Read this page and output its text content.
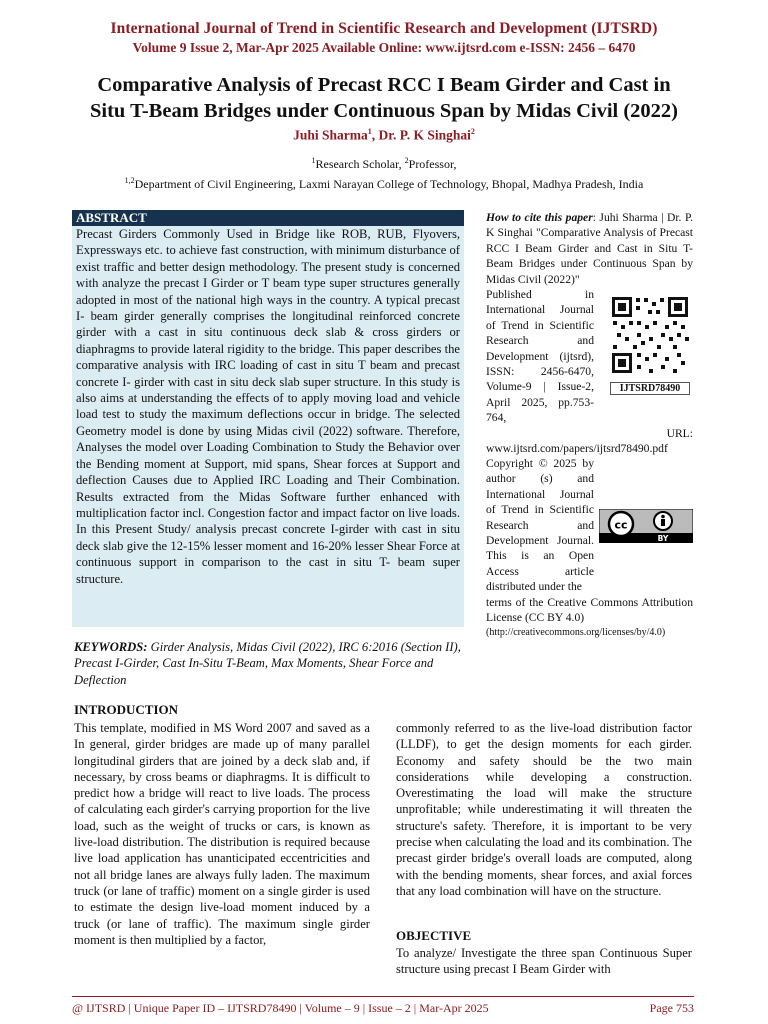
International Journal of Trend in Scientific Research and Development (IJTSRD)
Volume 9 Issue 2, Mar-Apr 2025 Available Online: www.ijtsrd.com e-ISSN: 2456 – 6470
Comparative Analysis of Precast RCC I Beam Girder and Cast in
Situ T-Beam Bridges under Continuous Span by Midas Civil (2022)
Juhi Sharma$^1$, Dr. P. K Singhai$^2$
$^1$Research Scholar, $^2$Professor,
$^{1,2}$Department of Civil Engineering, Laxmi Narayan College of Technology, Bhopal, Madhya Pradesh, India
ABSTRACT
Precast Girders Commonly Used in Bridge like ROB, RUB, Flyovers, Expressways etc. to achieve fast construction, with minimum disturbance of exist traffic and better design methodology. The present study is concerned with analyze the precast I Girder or T beam type super structures generally adopted in most of the national high ways in the country. A typical precast I- beam girder generally comprises the longitudinal reinforced concrete girder with a cast in situ continuous deck slab & cross girders or diaphragms to provide lateral rigidity to the bridge. This paper describes the comparative analysis with IRC loading of cast in situ T beam and precast concrete I- girder with cast in situ deck slab super structure. In this study is also aims at understanding the effects of to apply moving load and vehicle load test to study the maximum deflections occur in bridge. The selected Geometry model is done by using Midas civil (2022) software. Therefore, Analyses the model over Loading Combination to Study the Behavior over the Bending moment at Support, mid spans, Shear forces at Support and deflection Causes due to Applied IRC Loading and Their Combination. Results extracted from the Midas Software further enhanced with multiplication factor incl. Congestion factor and impact factor on live loads. In this Present Study/ analysis precast concrete I-girder with cast in situ deck slab give the 12-15% lesser moment and 16-20% lesser Shear Force at continuous support in comparison to the cast in situ T- beam super structure.
How to cite this paper: Juhi Sharma | Dr. P. K Singhai "Comparative Analysis of Precast RCC I Beam Girder and Cast in Situ T-Beam Bridges under Continuous Span by Midas Civil (2022)"
Published in International Journal of Trend in Scientific Research and Development (ijtsrd), ISSN: 2456-6470, Volume-9 | Issue-2, April 2025, pp.753-764,
URL:
www.ijtsrd.com/papers/ijtsrd78490.pdf
IJTSRD78490
Copyright © 2025 by author (s) and International Journal of Trend in Scientific Research and Development Journal. This is an Open Access article distributed under the
terms of the Creative Commons Attribution License (CC BY 4.0)
(http://creativecommons.org/licenses/by/4.0)
cc
BY
KEYWORDS: Girder Analysis, Midas Civil (2022), IRC 6:2016 (Section II), Precast I-Girder, Cast In-Situ T-Beam, Max Moments, Shear Force and Deflection
INTRODUCTION
This template, modified in MS Word 2007 and saved as a In general, girder bridges are made up of many parallel longitudinal girders that are joined by a deck slab and, if necessary, by cross beams or diaphragms. It is difficult to predict how a bridge will react to live loads. The process of calculating each girder's carrying proportion for the live load, such as the weight of trucks or cars, is known as live-load distribution. The distribution is required because live load application has unanticipated eccentricities and not all bridge lanes are always fully laden. The maximum truck (or lane of traffic) moment on a single girder is used to estimate the design live-load moment induced by a truck (or lane of traffic). The maximum single girder moment is then multiplied by a factor,
commonly referred to as the live-load distribution factor (LLDF), to get the design moments for each girder. Economy and safety should be the two main considerations while developing a construction. Overestimating the load will make the structure unprofitable; while underestimating it will threaten the structure's safety. Therefore, it is important to be very precise when calculating the load and its combination. The precast girder bridge's overall loads are computed, along with the bending moments, shear forces, and axial forces that any load combination will have on the structure.
OBJECTIVE
To analyze/ Investigate the three span Continuous Super structure using precast I Beam Girder with
@ IJTSRD | Unique Paper ID – IJTSRD78490 | Volume – 9 | Issue – 2 | Mar-Apr 2025	Page 753
